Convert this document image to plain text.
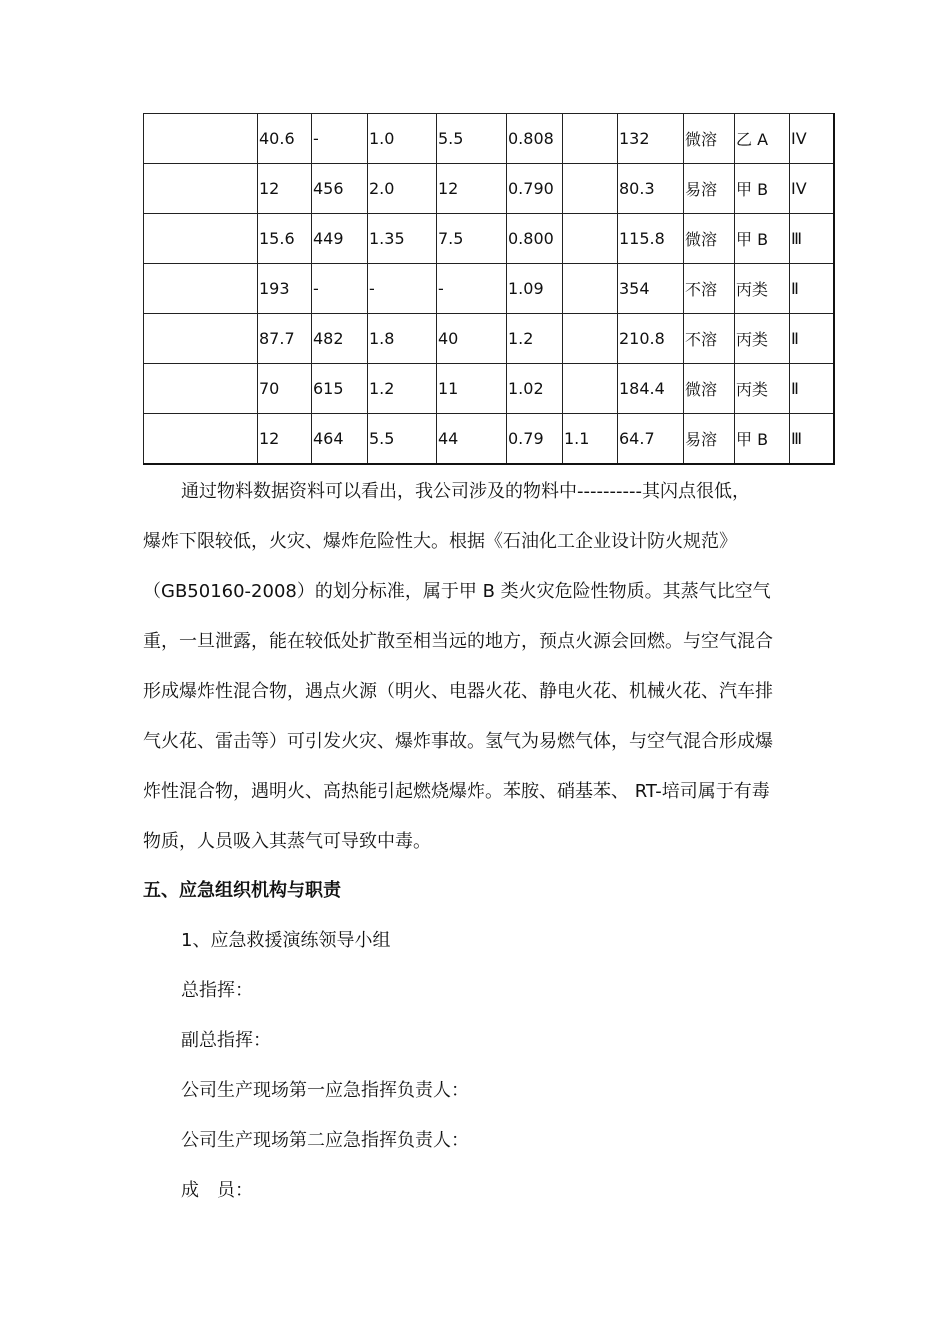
	40.6	-	1.0	5.5	0.808		132	微溶	乙 A	IV
	12	456	2.0	12	0.790		80.3	易溶	甲 B	IV
	15.6	449	1.35	7.5	0.800		115.8	微溶	甲 B	Ⅲ
	193	-	-	-	1.09		354	不溶	丙类	Ⅱ
	87.7	482	1.8	40	1.2		210.8	不溶	丙类	Ⅱ
	70	615	1.2	11	1.02		184.4	微溶	丙类	Ⅱ
	12	464	5.5	44	0.79	1.1	64.7	易溶	甲 B	Ⅲ
通过物料数据资料可以看出，我公司涉及的物料中----------其闪点很低，
爆炸下限较低，火灾、爆炸危险性大。根据《石油化工企业设计防火规范》
（GB50160-2008）的划分标准，属于甲 B 类火灾危险性物质。其蒸气比空气
重，一旦泄露，能在较低处扩散至相当远的地方，预点火源会回燃。与空气混合
形成爆炸性混合物，遇点火源（明火、电器火花、静电火花、机械火花、汽车排
气火花、雷击等）可引发火灾、爆炸事故。氢气为易燃气体，与空气混合形成爆
炸性混合物，遇明火、高热能引起燃烧爆炸。苯胺、硝基苯、 RT-培司属于有毒
物质，人员吸入其蒸气可导致中毒。
五、应急组织机构与职责
1、应急救援演练领导小组
总指挥：
副总指挥：
公司生产现场第一应急指挥负责人：
公司生产现场第二应急指挥负责人：
成　员：
